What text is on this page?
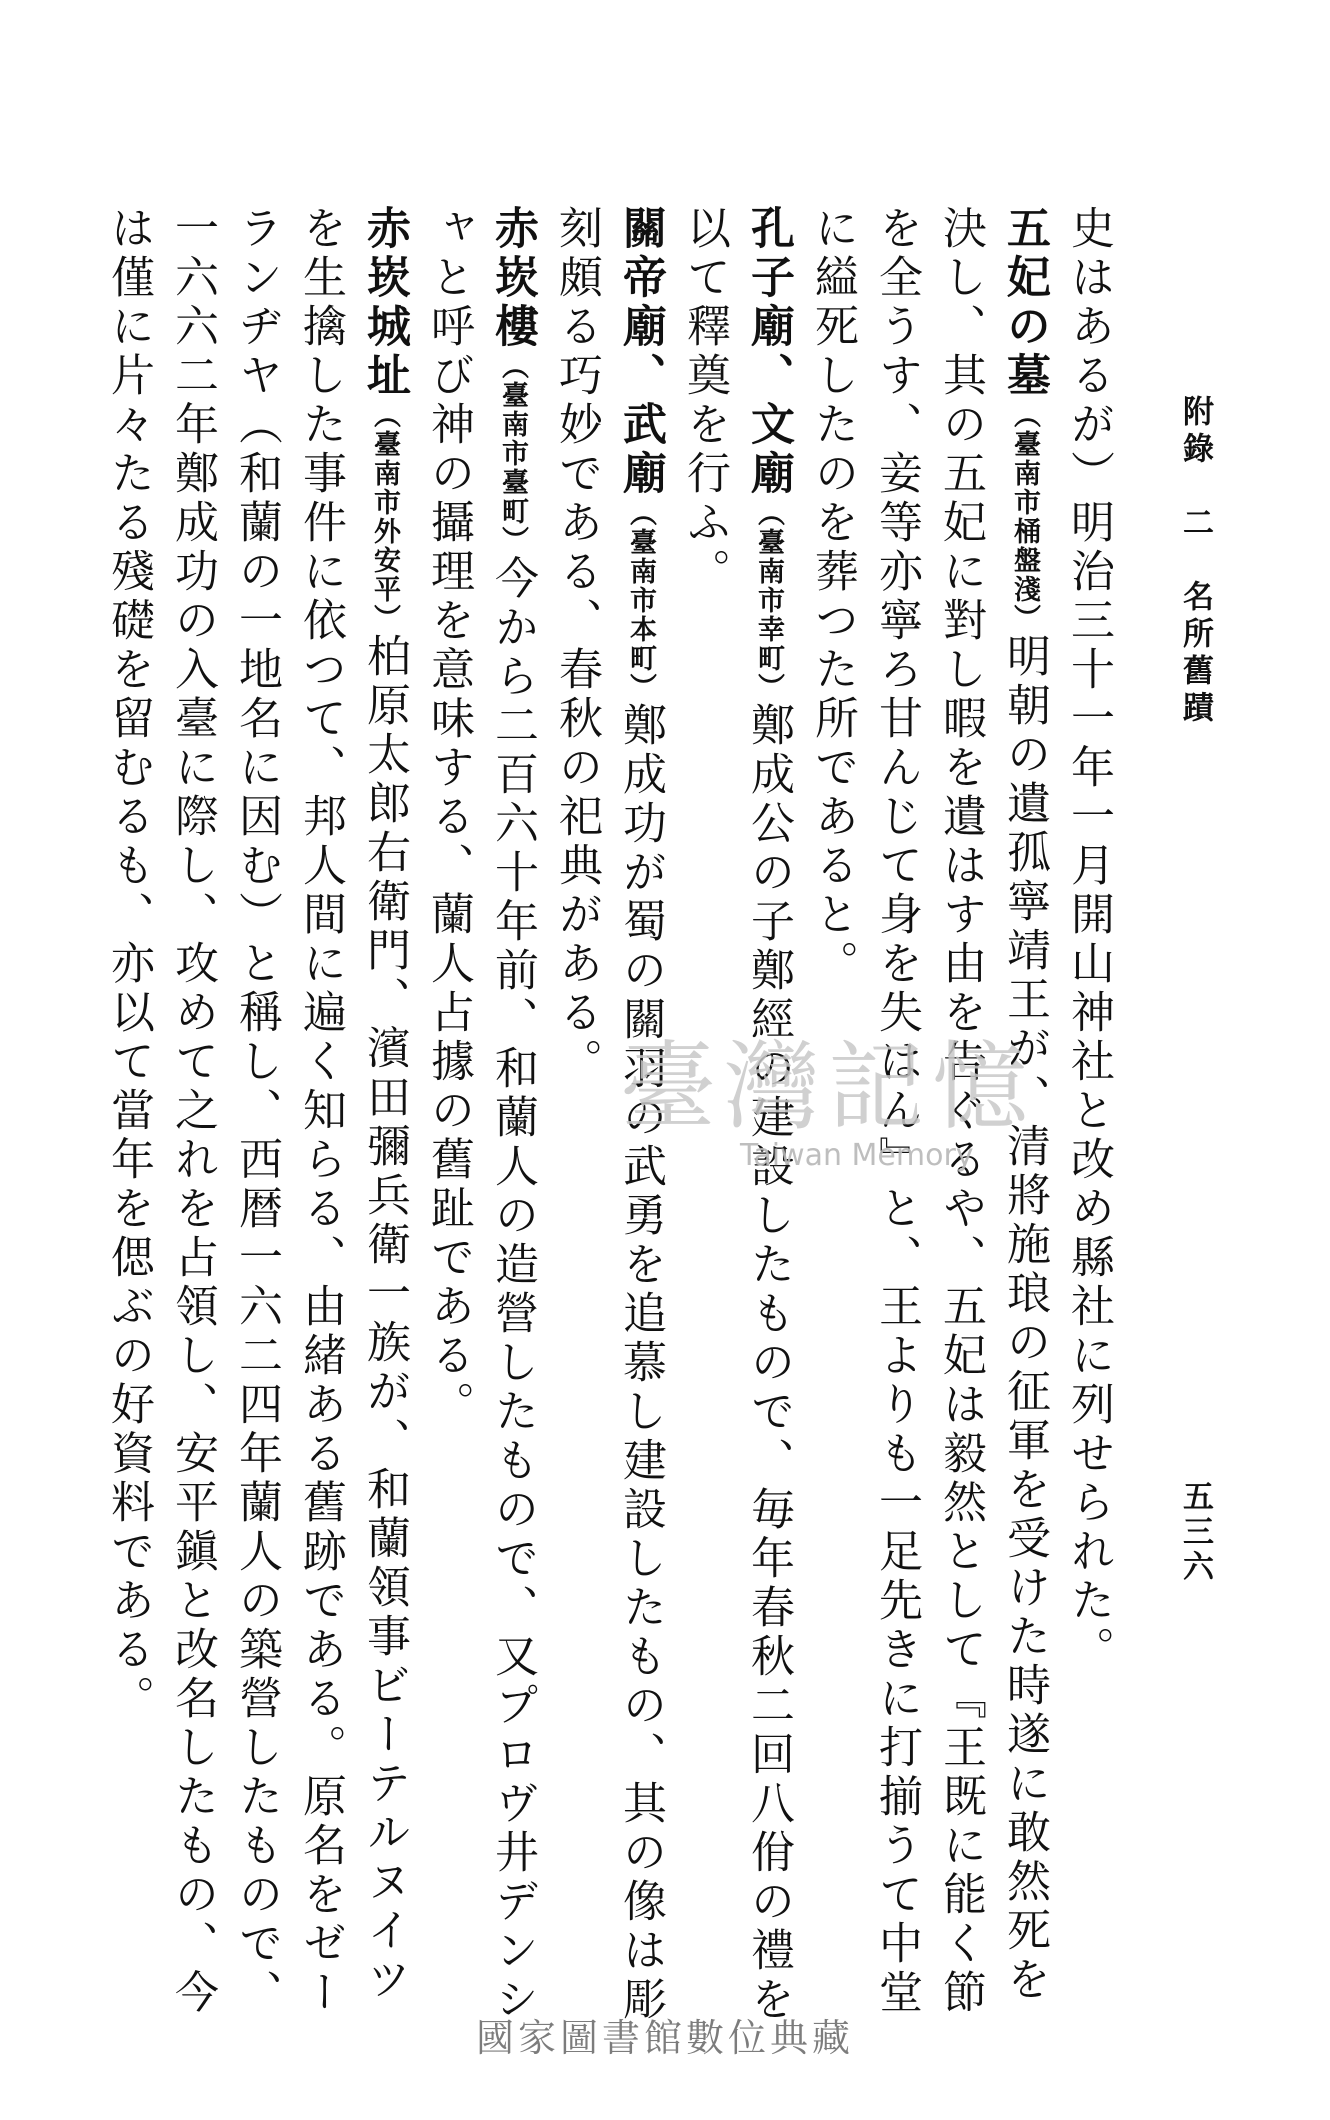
附錄　二　名所舊蹟
五三六

史はあるが）明治三十一年一月開山神社と改め縣社に列せられた。

五妃の墓（臺南市桶盤淺）明朝の遺孤寧靖王が、清將施琅の征軍を受けた時遂に敢然死を決し、其の五妃に對し暇を遺はす由を告ぐるや、五妃は毅然として『王既に能く節を全うす、妾等亦寧ろ甘んじて身を失はん』と、王よりも一足先きに打揃うて中堂に縊死したのを葬つた所であると。

孔子廟、文廟（臺南市幸町）鄭成公の子鄭經の建設したもので、毎年春秋二回八佾の禮を以て釋奠を行ふ。

關帝廟、武廟（臺南市本町）鄭成功が蜀の關羽の武勇を追慕し建設したもの、其の像は彫刻頗る巧妙である、春秋の祀典がある。

赤崁樓（臺南市臺町）今から二百六十年前、和蘭人の造營したもので、又プロヴ井デンシャと呼び神の攝理を意味する、蘭人占據の舊趾である。

赤崁城址（臺南市外安平）柏原太郎右衛門、濱田彌兵衛一族が、和蘭領事ビーテルヌイツを生擒した事件に依つて、邦人間に遍く知らる、由緒ある舊跡である。原名をゼーランヂヤ（和蘭の一地名に因む）と稱し、西暦一六二四年蘭人の築營したもので、一六六二年鄭成功の入臺に際し、攻めて之れを占領し、安平鎭と改名したもの、今は僅に片々たる殘礎を留むるも、亦以て當年を偲ぶの好資料である。	臺灣記憶
Taiwan Memory
國家圖書館數位典藏
